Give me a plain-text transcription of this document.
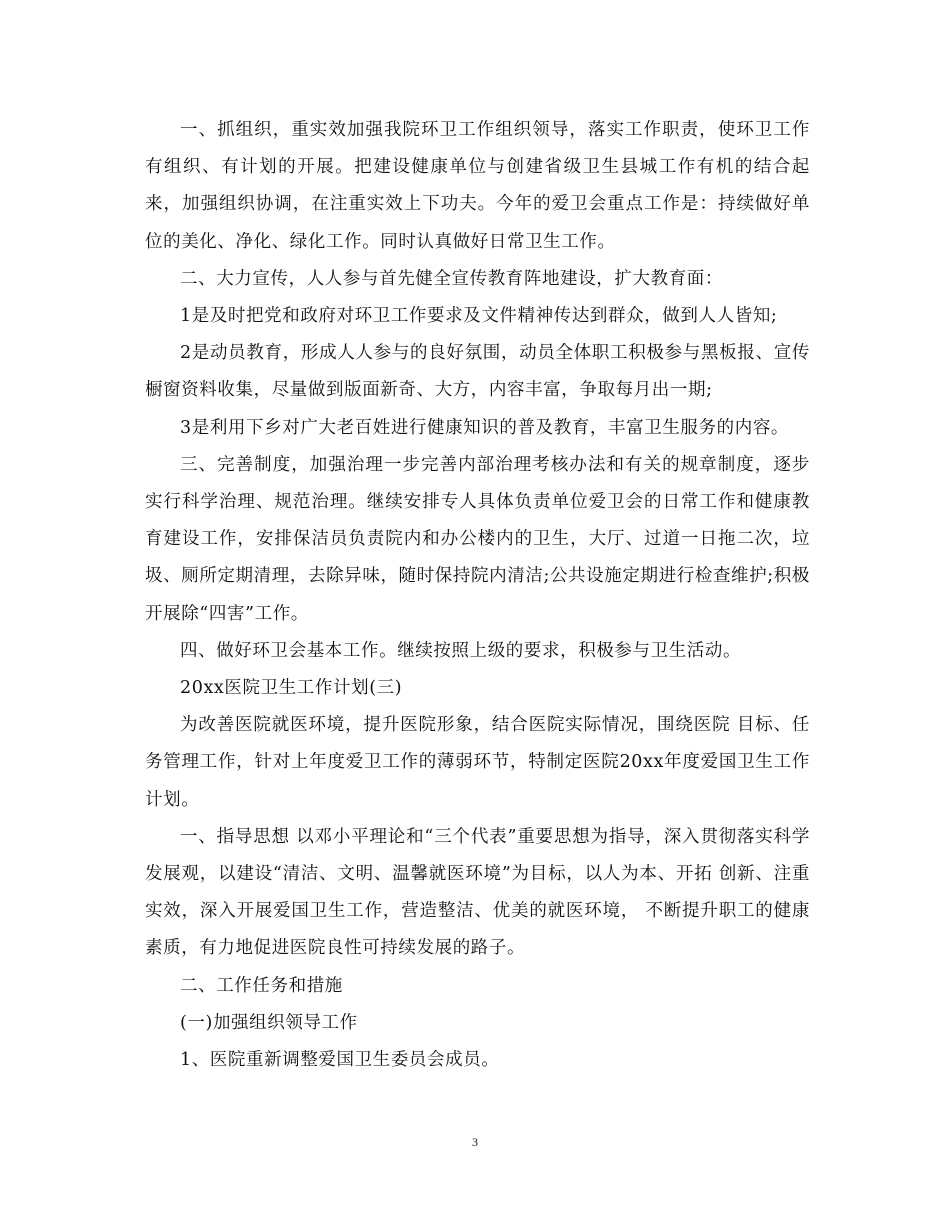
一、抓组织，重实效加强我院环卫工作组织领导，落实工作职责，使环卫工作有组织、有计划的开展。把建设健康单位与创建省级卫生县城工作有机的结合起来，加强组织协调，在注重实效上下功夫。今年的爱卫会重点工作是：持续做好单位的美化、净化、绿化工作。同时认真做好日常卫生工作。

二、大力宣传，人人参与首先健全宣传教育阵地建设，扩大教育面：

1是及时把党和政府对环卫工作要求及文件精神传达到群众，做到人人皆知;

2是动员教育，形成人人参与的良好氛围，动员全体职工积极参与黑板报、宣传橱窗资料收集，尽量做到版面新奇、大方，内容丰富，争取每月出一期;

3是利用下乡对广大老百姓进行健康知识的普及教育，丰富卫生服务的内容。

三、完善制度，加强治理一步完善内部治理考核办法和有关的规章制度，逐步实行科学治理、规范治理。继续安排专人具体负责单位爱卫会的日常工作和健康教育建设工作，安排保洁员负责院内和办公楼内的卫生，大厅、过道一日拖二次，垃圾、厕所定期清理，去除异味，随时保持院内清洁;公共设施定期进行检查维护;积极开展除“四害”工作。

四、做好环卫会基本工作。继续按照上级的要求，积极参与卫生活动。

20xx医院卫生工作计划(三)

为改善医院就医环境，提升医院形象，结合医院实际情况，围绕医院 目标、任务管理工作，针对上年度爱卫工作的薄弱环节，特制定医院20xx年度爱国卫生工作计划。

一、指导思想 以邓小平理论和“三个代表”重要思想为指导，深入贯彻落实科学 发展观，以建设“清洁、文明、温馨就医环境”为目标，以人为本、开拓 创新、注重实效，深入开展爱国卫生工作，营造整洁、优美的就医环境， 不断提升职工的健康素质，有力地促进医院良性可持续发展的路子。

二、工作任务和措施

(一)加强组织领导工作

1、医院重新调整爱国卫生委员会成员。

3
